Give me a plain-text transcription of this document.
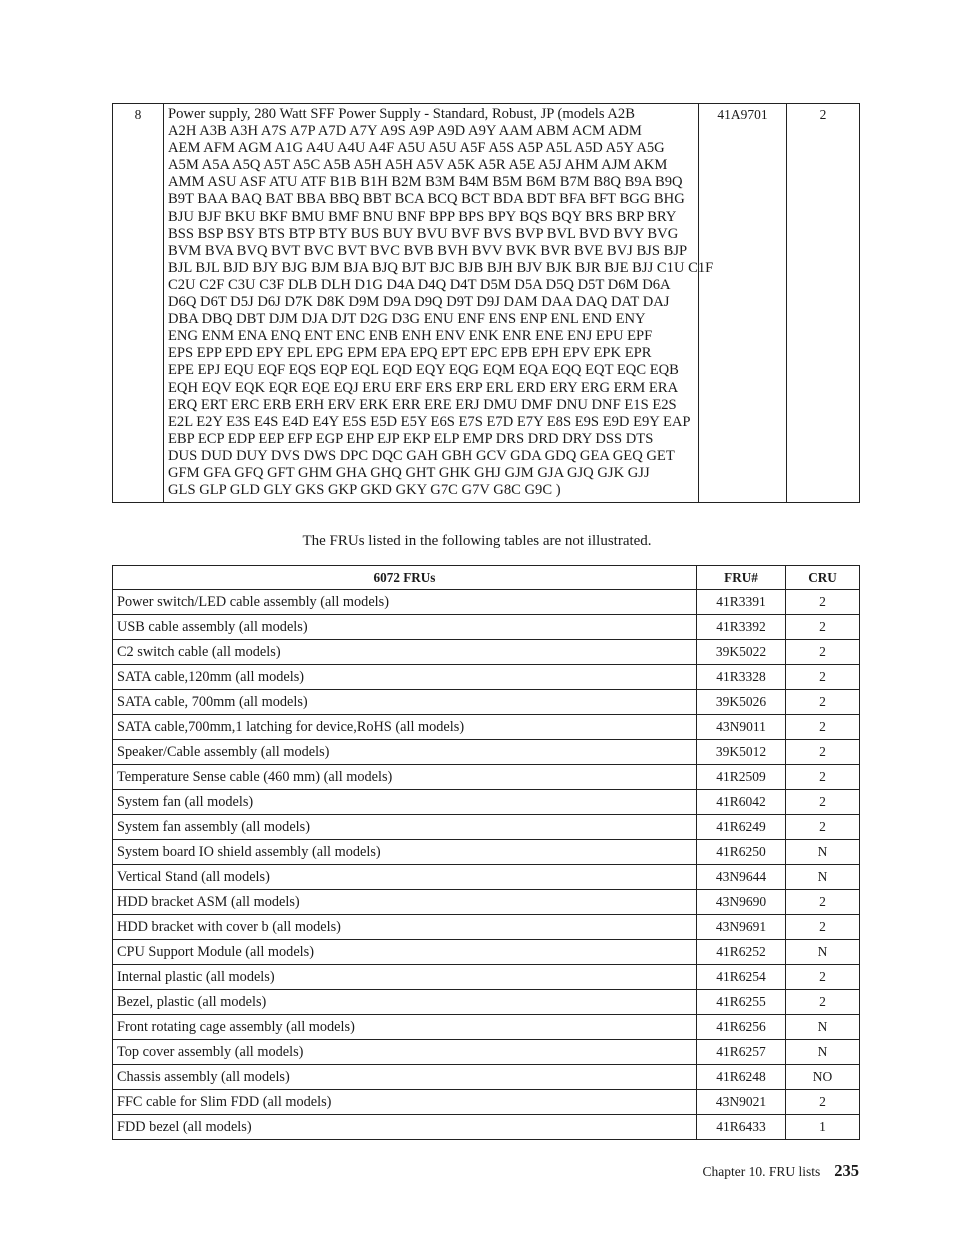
8	Power supply, 280 Watt SFF Power Supply - Standard, Robust, JP (models A2B
A2H A3B A3H A7S A7P A7D A7Y A9S A9P A9D A9Y AAM ABM ACM ADM
AEM AFM AGM A1G A4U A4U A4F A5U A5U A5F A5S A5P A5L A5D A5Y A5G
A5M A5A A5Q A5T A5C A5B A5H A5H A5V A5K A5R A5E A5J AHM AJM AKM
AMM ASU ASF ATU ATF B1B B1H B2M B3M B4M B5M B6M B7M B8Q B9A B9Q
B9T BAA BAQ BAT BBA BBQ BBT BCA BCQ BCT BDA BDT BFA BFT BGG BHG
BJU BJF BKU BKF BMU BMF BNU BNF BPP BPS BPY BQS BQY BRS BRP BRY
BSS BSP BSY BTS BTP BTY BUS BUY BVU BVF BVS BVP BVL BVD BVY BVG
BVM BVA BVQ BVT BVC BVT BVC BVB BVH BVV BVK BVR BVE BVJ BJS BJP
BJL BJL BJD BJY BJG BJM BJA BJQ BJT BJC BJB BJH BJV BJK BJR BJE BJJ C1U C1F
C2U C2F C3U C3F DLB DLH D1G D4A D4Q D4T D5M D5A D5Q D5T D6M D6A
D6Q D6T D5J D6J D7K D8K D9M D9A D9Q D9T D9J DAM DAA DAQ DAT DAJ
DBA DBQ DBT DJM DJA DJT D2G D3G ENU ENF ENS ENP ENL END ENY
ENG ENM ENA ENQ ENT ENC ENB ENH ENV ENK ENR ENE ENJ EPU EPF
EPS EPP EPD EPY EPL EPG EPM EPA EPQ EPT EPC EPB EPH EPV EPK EPR
EPE EPJ EQU EQF EQS EQP EQL EQD EQY EQG EQM EQA EQQ EQT EQC EQB
EQH EQV EQK EQR EQE EQJ ERU ERF ERS ERP ERL ERD ERY ERG ERM ERA
ERQ ERT ERC ERB ERH ERV ERK ERR ERE ERJ DMU DMF DNU DNF E1S E2S
E2L E2Y E3S E4S E4D E4Y E5S E5D E5Y E6S E7S E7D E7Y E8S E9S E9D E9Y EAP
EBP ECP EDP EEP EFP EGP EHP EJP EKP ELP EMP DRS DRD DRY DSS DTS
DUS DUD DUY DVS DWS DPC DQC GAH GBH GCV GDA GDQ GEA GEQ GET
GFM GFA GFQ GFT GHM GHA GHQ GHT GHK GHJ GJM GJA GJQ GJK GJJ
GLS GLP GLD GLY GKS GKP GKD GKY G7C G7V G8C G9C )
	41A9701	2
The FRUs listed in the following tables are not illustrated.
6072 FRUs	FRU#	CRU
Power switch/LED cable assembly (all models)	41R3391	2
USB cable assembly (all models)	41R3392	2
C2 switch cable (all models)	39K5022	2
SATA cable,120mm (all models)	41R3328	2
SATA cable, 700mm (all models)	39K5026	2
SATA cable,700mm,1 latching for device,RoHS (all models)	43N9011	2
Speaker/Cable assembly (all models)	39K5012	2
Temperature Sense cable (460 mm) (all models)	41R2509	2
System fan (all models)	41R6042	2
System fan assembly (all models)	41R6249	2
System board IO shield assembly (all models)	41R6250	N
Vertical Stand (all models)	43N9644	N
HDD bracket ASM (all models)	43N9690	2
HDD bracket with cover b (all models)	43N9691	2
CPU Support Module (all models)	41R6252	N
Internal plastic (all models)	41R6254	2
Bezel, plastic (all models)	41R6255	2
Front rotating cage assembly (all models)	41R6256	N
Top cover assembly (all models)	41R6257	N
Chassis assembly (all models)	41R6248	NO
FFC cable for Slim FDD (all models)	43N9021	2
FDD bezel (all models)	41R6433	1
Chapter 10. FRU lists 235
